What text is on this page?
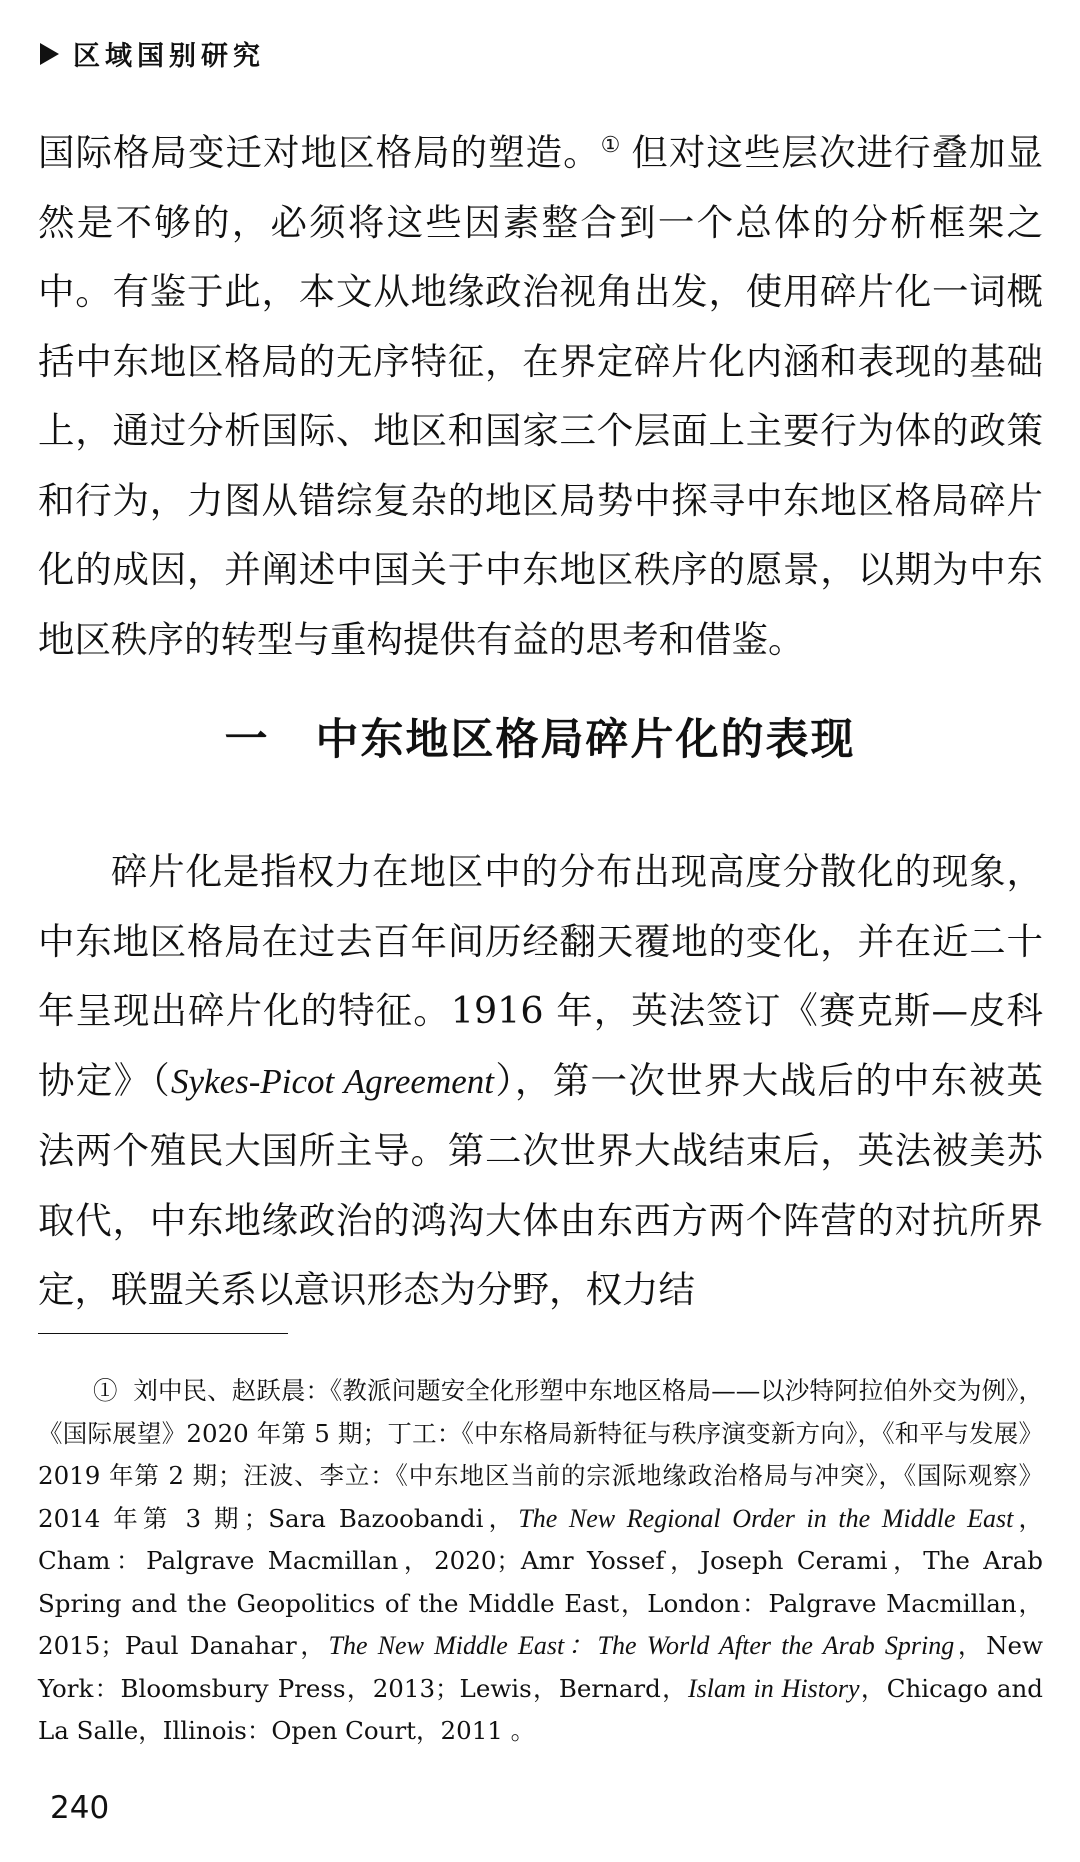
区域国别研究

国际格局变迁对地区格局的塑造。① 但对这些层次进行叠加显然是不够的，必须将这些因素整合到一个总体的分析框架之中。有鉴于此，本文从地缘政治视角出发，使用碎片化一词概括中东地区格局的无序特征，在界定碎片化内涵和表现的基础上，通过分析国际、地区和国家三个层面上主要行为体的政策和行为，力图从错综复杂的地区局势中探寻中东地区格局碎片化的成因，并阐述中国关于中东地区秩序的愿景，以期为中东地区秩序的转型与重构提供有益的思考和借鉴。

一 中东地区格局碎片化的表现

碎片化是指权力在地区中的分布出现高度分散化的现象，中东地区格局在过去百年间历经翻天覆地的变化，并在近二十年呈现出碎片化的特征。1916 年，英法签订《赛克斯—皮科协定》（Sykes-Picot Agreement），第一次世界大战后的中东被英法两个殖民大国所主导。第二次世界大战结束后，英法被美苏取代，中东地缘政治的鸿沟大体由东西方两个阵营的对抗所界定，联盟关系以意识形态为分野，权力结

① 刘中民、赵跃晨：《教派问题安全化形塑中东地区格局——以沙特阿拉伯外交为例》，《国际展望》2020 年第 5 期；丁工：《中东格局新特征与秩序演变新方向》，《和平与发展》2019 年第 2 期；汪波、李立：《中东地区当前的宗派地缘政治格局与冲突》，《国际观察》2014 年第 3 期；Sara Bazoobandi，The New Regional Order in the Middle East，Cham：Palgrave Macmillan，2020；Amr Yossef，Joseph Cerami，The Arab Spring and the Geopolitics of the Middle East，London：Palgrave Macmillan，2015；Paul Danahar，The New Middle East：The World After the Arab Spring，New York：Bloomsbury Press，2013；Lewis，Bernard，Islam in History，Chicago and La Salle，Illinois：Open Court，2011 。

240
